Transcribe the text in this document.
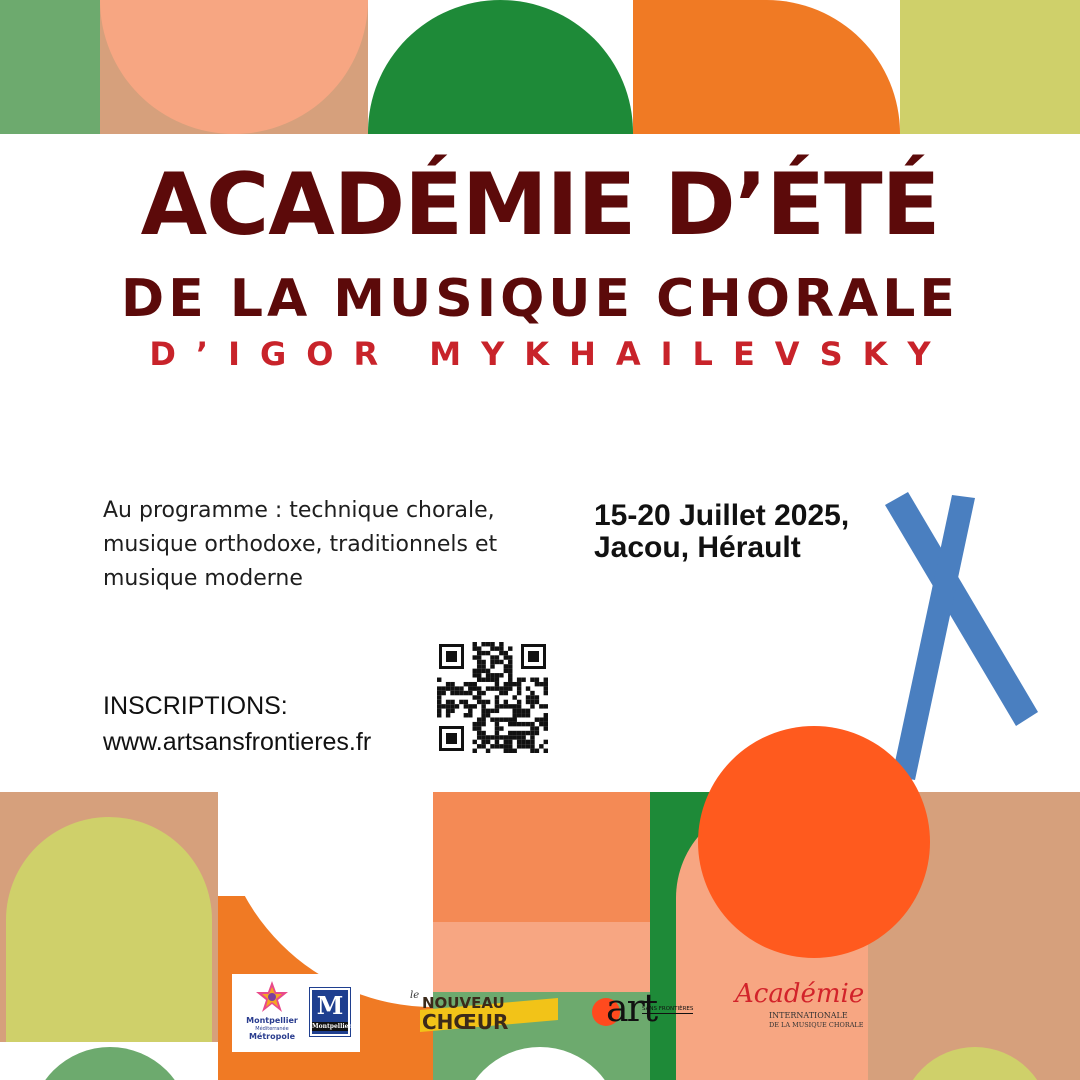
ACADÉMIE D’ÉTÉ
DE LA MUSIQUE CHORALE
D’IGOR MYKHAILEVSKY
Au programme : technique chorale, musique orthodoxe, traditionnels et musique moderne
15-20 Juillet 2025,
Jacou, Hérault
INSCRIPTIONS:
www.artsansfrontieres.fr
Montpellier
Méditerranée
Métropole
M
Montpellier
le NOUVEAU
CHŒUR	art
SANS FRONTIÈRES Académie
INTERNATIONALE
DE LA MUSIQUE CHORALE
